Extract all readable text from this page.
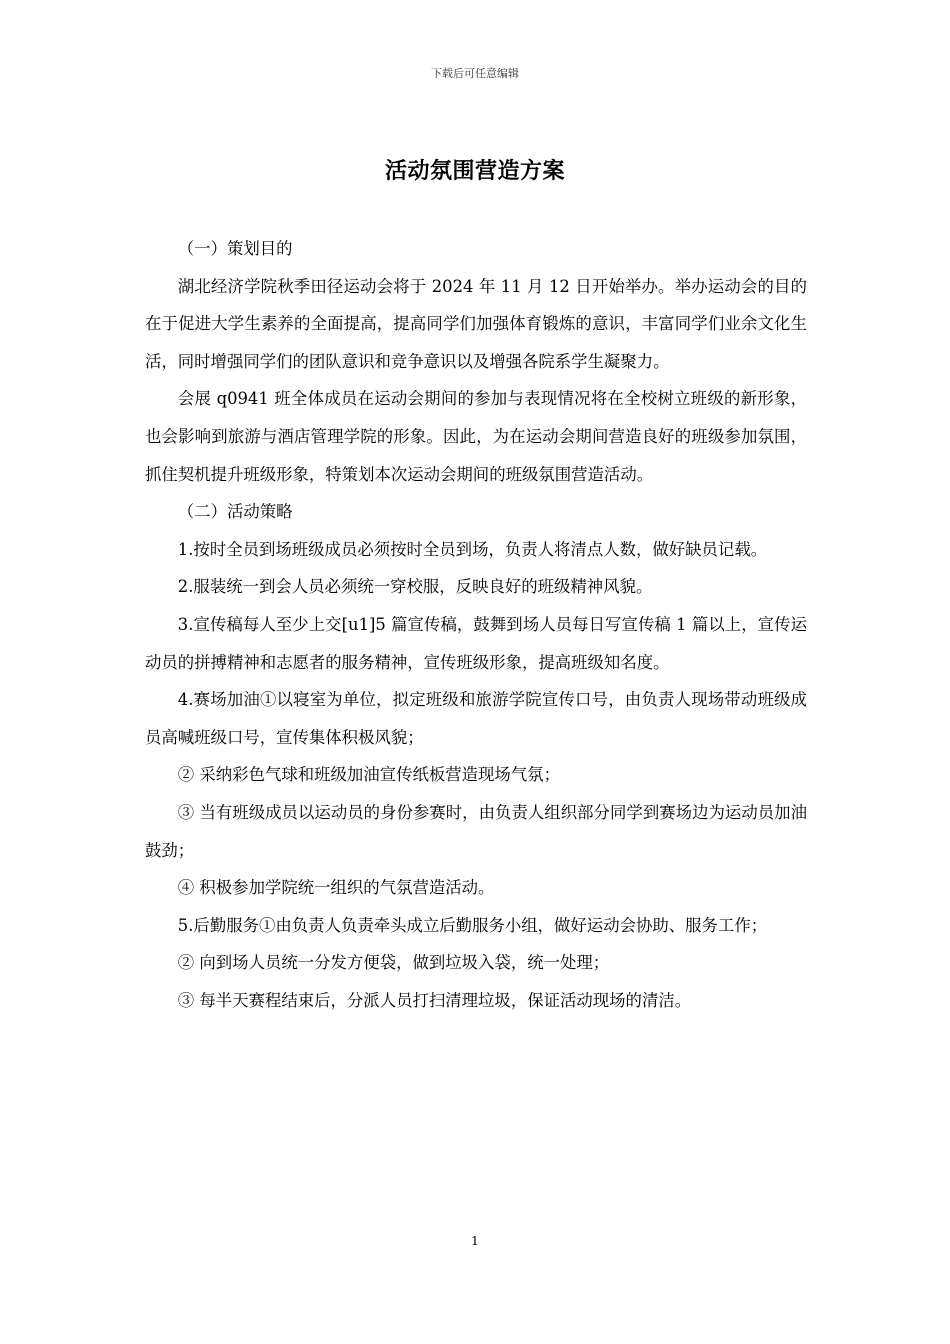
下载后可任意编辑
活动氛围营造方案

（一）策划目的

湖北经济学院秋季田径运动会将于 2024 年 11 月 12 日开始举办。举办运动会的目的在于促进大学生素养的全面提高，提高同学们加强体育锻炼的意识，丰富同学们业余文化生活，同时增强同学们的团队意识和竞争意识以及增强各院系学生凝聚力。

会展 q0941 班全体成员在运动会期间的参加与表现情况将在全校树立班级的新形象，也会影响到旅游与酒店管理学院的形象。因此，为在运动会期间营造良好的班级参加氛围，抓住契机提升班级形象，特策划本次运动会期间的班级氛围营造活动。

（二）活动策略

1.按时全员到场班级成员必须按时全员到场，负责人将清点人数，做好缺员记载。

2.服装统一到会人员必须统一穿校服，反映良好的班级精神风貌。

3.宣传稿每人至少上交[u1]5 篇宣传稿，鼓舞到场人员每日写宣传稿 1 篇以上，宣传运动员的拼搏精神和志愿者的服务精神，宣传班级形象，提高班级知名度。

4.赛场加油①以寝室为单位，拟定班级和旅游学院宣传口号，由负责人现场带动班级成员高喊班级口号，宣传集体积极风貌；

② 采纳彩色气球和班级加油宣传纸板营造现场气氛；

③ 当有班级成员以运动员的身份参赛时，由负责人组织部分同学到赛场边为运动员加油鼓劲；

④ 积极参加学院统一组织的气氛营造活动。

5.后勤服务①由负责人负责牵头成立后勤服务小组，做好运动会协助、服务工作；

② 向到场人员统一分发方便袋，做到垃圾入袋，统一处理；

③ 每半天赛程结束后，分派人员打扫清理垃圾，保证活动现场的清洁。

1
